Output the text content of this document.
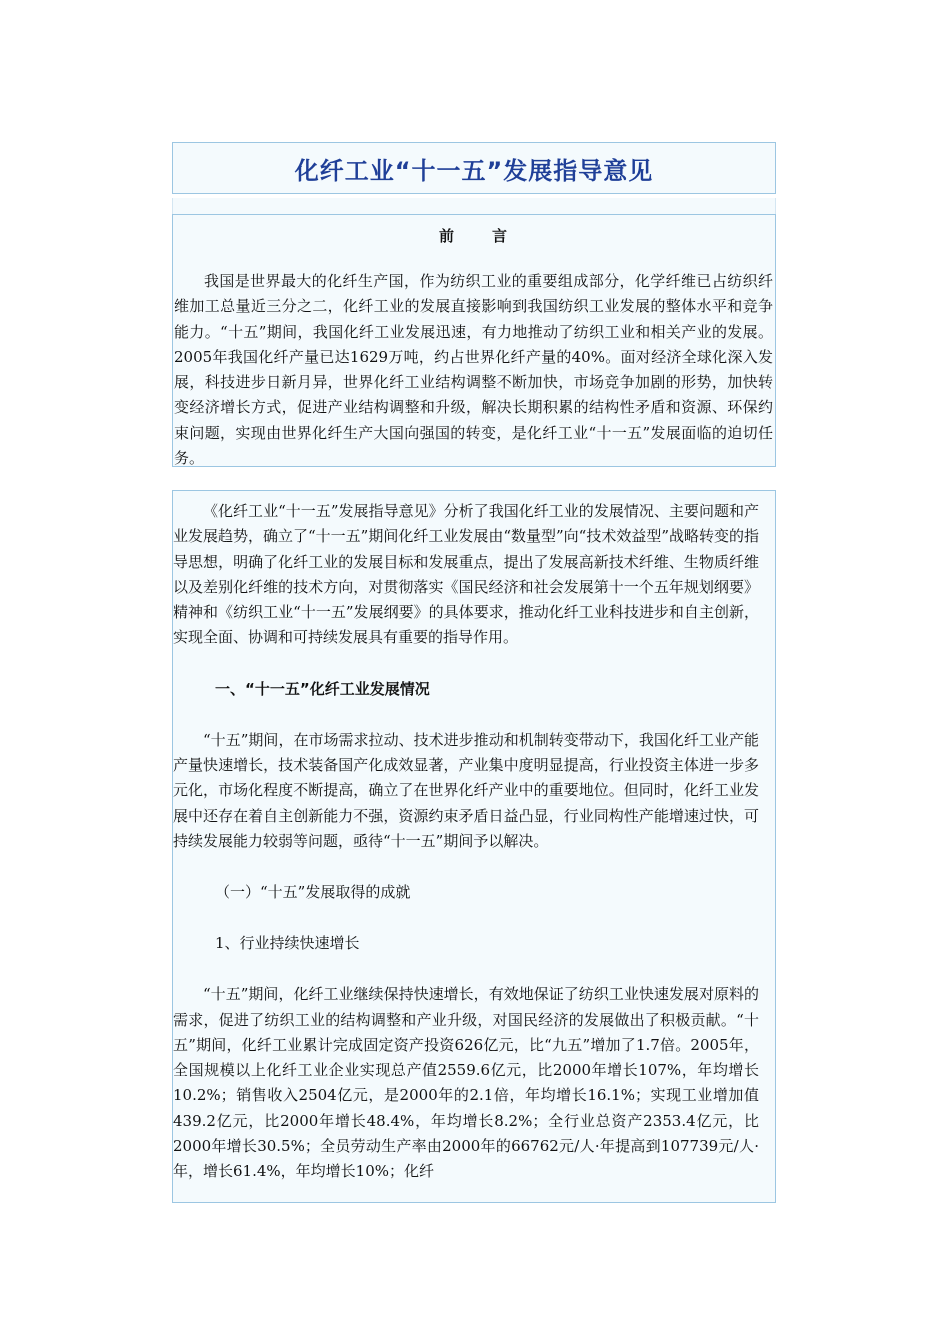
化纤工业“十一五”发展指导意见
前 言

我国是世界最大的化纤生产国，作为纺织工业的重要组成部分，化学纤维已占纺织纤维加工总量近三分之二，化纤工业的发展直接影响到我国纺织工业发展的整体水平和竞争能力。“十五”期间，我国化纤工业发展迅速，有力地推动了纺织工业和相关产业的发展。2005年我国化纤产量已达1629万吨，约占世界化纤产量的40%。面对经济全球化深入发展，科技进步日新月异，世界化纤工业结构调整不断加快，市场竞争加剧的形势，加快转变经济增长方式，促进产业结构调整和升级，解决长期积累的结构性矛盾和资源、环保约束问题，实现由世界化纤生产大国向强国的转变，是化纤工业“十一五”发展面临的迫切任务。

《化纤工业“十一五”发展指导意见》分析了我国化纤工业的发展情况、主要问题和产业发展趋势，确立了“十一五”期间化纤工业发展由“数量型”向“技术效益型”战略转变的指导思想，明确了化纤工业的发展目标和发展重点，提出了发展高新技术纤维、生物质纤维以及差别化纤维的技术方向，对贯彻落实《国民经济和社会发展第十一个五年规划纲要》精神和《纺织工业“十一五”发展纲要》的具体要求，推动化纤工业科技进步和自主创新，实现全面、协调和可持续发展具有重要的指导作用。

一、“十一五”化纤工业发展情况

“十五”期间，在市场需求拉动、技术进步推动和机制转变带动下，我国化纤工业产能产量快速增长，技术装备国产化成效显著，产业集中度明显提高，行业投资主体进一步多元化，市场化程度不断提高，确立了在世界化纤产业中的重要地位。但同时，化纤工业发展中还存在着自主创新能力不强，资源约束矛盾日益凸显，行业同构性产能增速过快，可持续发展能力较弱等问题，亟待“十一五”期间予以解决。

（一）“十五”发展取得的成就

1、行业持续快速增长

“十五”期间，化纤工业继续保持快速增长，有效地保证了纺织工业快速发展对原料的需求，促进了纺织工业的结构调整和产业升级，对国民经济的发展做出了积极贡献。“十五”期间，化纤工业累计完成固定资产投资626亿元，比“九五”增加了1.7倍。2005年，全国规模以上化纤工业企业实现总产值2559.6亿元，比2000年增长107%，年均增长10.2%；销售收入2504亿元，是2000年的2.1倍，年均增长16.1%；实现工业增加值439.2亿元，比2000年增长48.4%，年均增长8.2%；全行业总资产2353.4亿元，比2000年增长30.5%；全员劳动生产率由2000年的66762元/人·年提高到107739元/人·年，增长61.4%，年均增长10%；化纤
